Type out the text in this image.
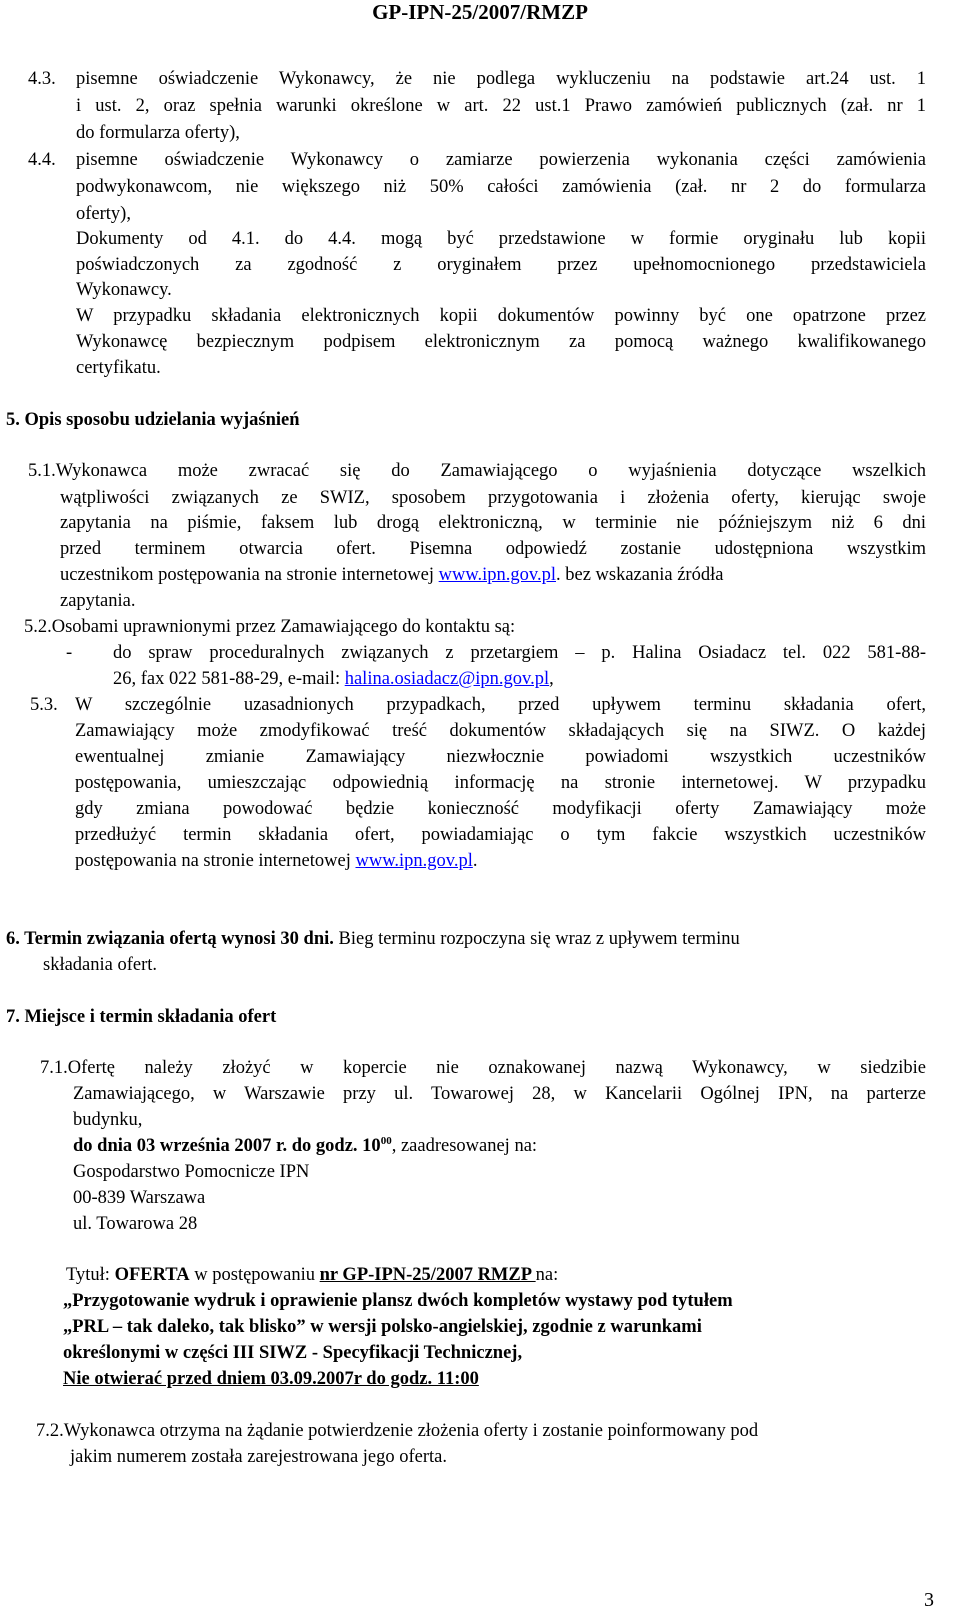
GP-IPN-25/2007/RMZP
4.3. pisemne oświadczenie Wykonawcy, że nie podlega wykluczeniu na podstawie art.24 ust. 1
i ust. 2, oraz spełnia warunki określone w art. 22 ust.1 Prawo zamówień publicznych (zał. nr 1
do formularza oferty),
4.4. pisemne oświadczenie Wykonawcy o zamiarze powierzenia wykonania części zamówienia
podwykonawcom, nie większego niż 50% całości zamówienia (zał. nr 2 do formularza
oferty),
Dokumenty od 4.1. do 4.4. mogą być przedstawione w formie oryginału lub kopii
poświadczonych za zgodność z oryginałem przez upełnomocnionego przedstawiciela
Wykonawcy.
W przypadku składania elektronicznych kopii dokumentów powinny być one opatrzone przez
Wykonawcę bezpiecznym podpisem elektronicznym za pomocą ważnego kwalifikowanego
certyfikatu.
5. Opis sposobu udzielania wyjaśnień
5.1.Wykonawca może zwracać się do Zamawiającego o wyjaśnienia dotyczące wszelkich
wątpliwości związanych ze SWIZ, sposobem przygotowania i złożenia oferty, kierując swoje
zapytania na piśmie, faksem lub drogą elektroniczną, w terminie nie późniejszym niż 6 dni
przed terminem otwarcia ofert. Pisemna odpowiedź zostanie udostępniona wszystkim
uczestnikom postępowania na stronie internetowej www.ipn.gov.pl. bez wskazania źródła
zapytania.
5.2.Osobami uprawnionymi przez Zamawiającego do kontaktu są:
- do spraw proceduralnych związanych z przetargiem – p. Halina Osiadacz tel. 022 581-88-
26, fax 022 581-88-29, e-mail: halina.osiadacz@ipn.gov.pl,
5.3. W szczególnie uzasadnionych przypadkach, przed upływem terminu składania ofert,
Zamawiający może zmodyfikować treść dokumentów składających się na SIWZ. O każdej
ewentualnej zmianie Zamawiający niezwłocznie powiadomi wszystkich uczestników
postępowania, umieszczając odpowiednią informację na stronie internetowej. W przypadku
gdy zmiana powodować będzie konieczność modyfikacji oferty Zamawiający może
przedłużyć termin składania ofert, powiadamiając o tym fakcie wszystkich uczestników
postępowania na stronie internetowej www.ipn.gov.pl.
6. Termin związania ofertą wynosi 30 dni. Bieg terminu rozpoczyna się wraz z upływem terminu
składania ofert.
7. Miejsce i termin składania ofert
7.1.Ofertę należy złożyć w kopercie nie oznakowanej nazwą Wykonawcy, w siedzibie
Zamawiającego, w Warszawie przy ul. Towarowej 28, w Kancelarii Ogólnej IPN, na parterze
budynku,
do dnia 03 września 2007 r. do godz. $10^{00}$, zaadresowanej na:
Gospodarstwo Pomocnicze IPN
00-839 Warszawa
ul. Towarowa 28
Tytuł: OFERTA w postępowaniu nr GP-IPN-25/2007 RMZP na:
„Przygotowanie wydruk i oprawienie plansz dwóch kompletów wystawy pod tytułem
„PRL – tak daleko, tak blisko” w wersji polsko-angielskiej, zgodnie z warunkami
określonymi w części III SIWZ - Specyfikacji Technicznej,
Nie otwierać przed dniem 03.09.2007r do godz. 11:00
7.2.Wykonawca otrzyma na żądanie potwierdzenie złożenia oferty i zostanie poinformowany pod
jakim numerem została zarejestrowana jego oferta.
3
